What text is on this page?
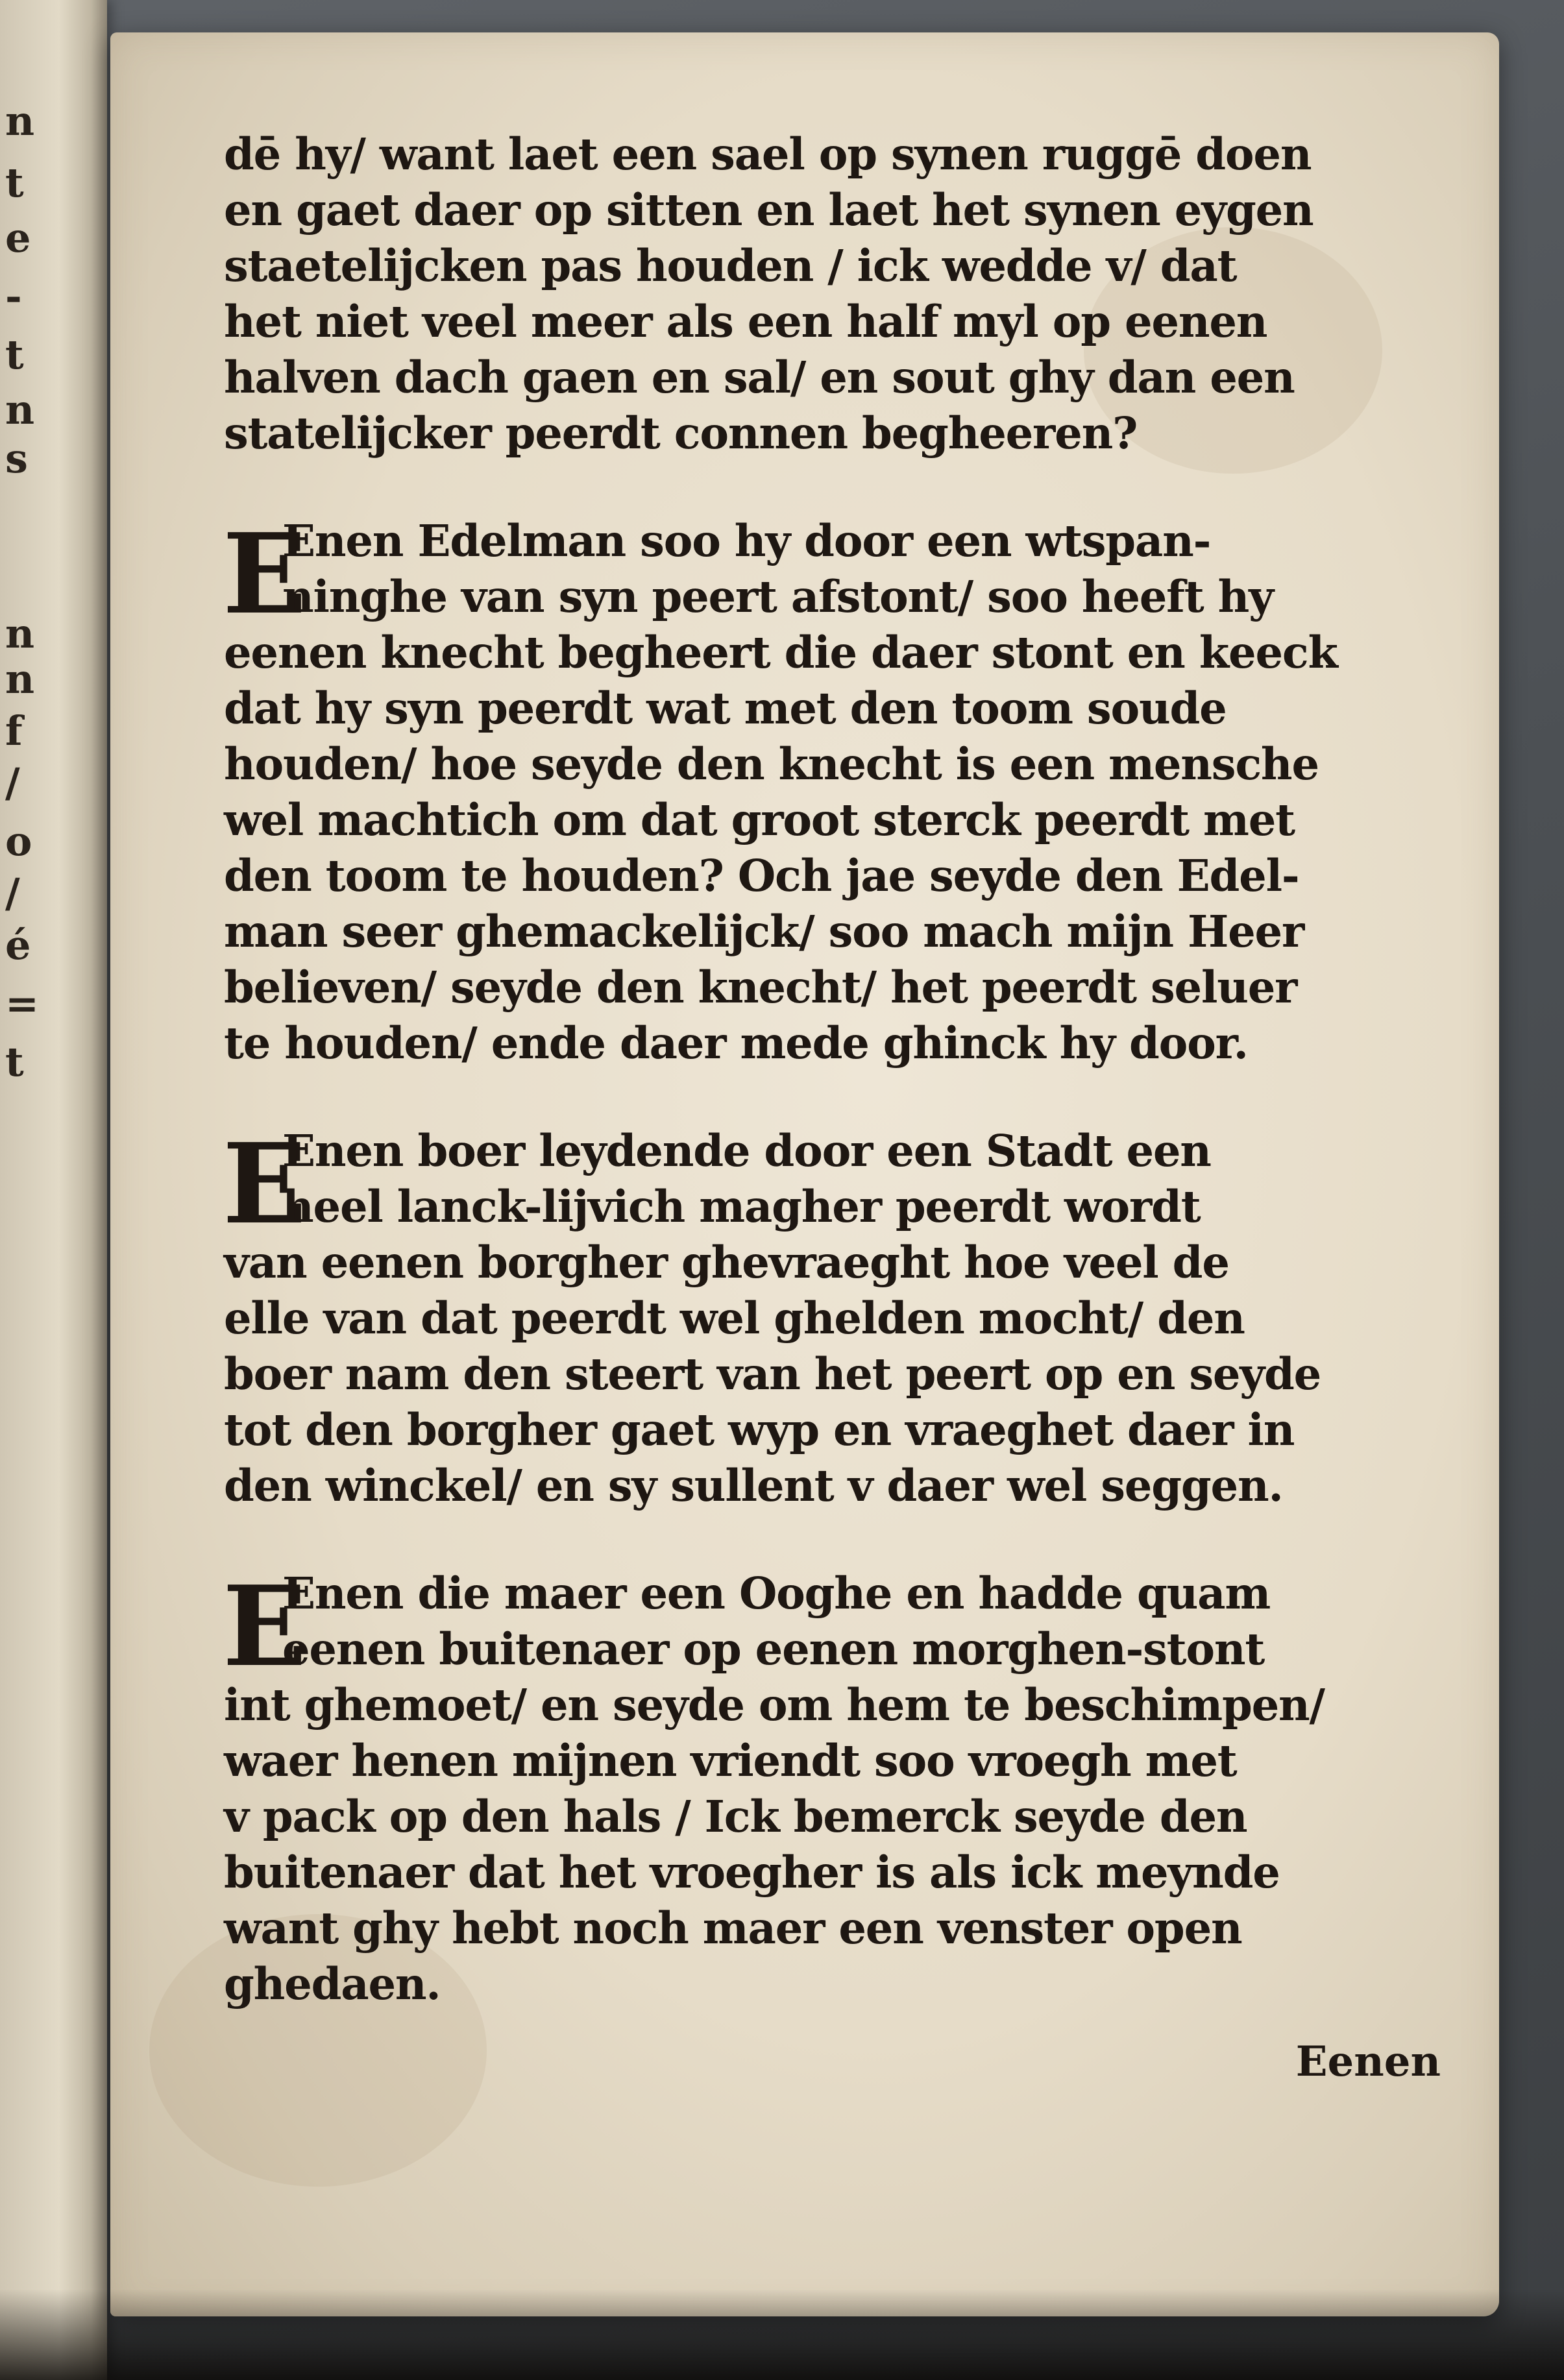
n
t
e
-
t
n
s
n
n
f
/
o
/
é
=
t
dē hy/ want laet een sael op synen ruggē doen
en gaet daer op sitten en laet het synen eygen
staetelijcken pas houden / ick wedde v/ dat
het niet veel meer als een half myl op eenen
halven dach gaen en sal/ en sout ghy dan een
statelijcker peerdt connen begheeren?
E
Enen Edelman soo hy door een wtspan-
ninghe van syn peert afstont/ soo heeft hy
eenen knecht begheert die daer stont en keeck
dat hy syn peerdt wat met den toom soude
houden/ hoe seyde den knecht is een mensche
wel machtich om dat groot sterck peerdt met
den toom te houden? Och jae seyde den Edel-
man seer ghemackelijck/ soo mach mijn Heer
believen/ seyde den knecht/ het peerdt seluer
te houden/ ende daer mede ghinck hy door.
E
Enen boer leydende door een Stadt een
heel lanck-lijvich magher peerdt wordt
van eenen borgher ghevraeght hoe veel de
elle van dat peerdt wel ghelden mocht/ den
boer nam den steert van het peert op en seyde
tot den borgher gaet wyp en vraeghet daer in
den winckel/ en sy sullent v daer wel seggen.
E
Enen die maer een Ooghe en hadde quam
eenen buitenaer op eenen morghen-stont
int ghemoet/ en seyde om hem te beschimpen/
waer henen mijnen vriendt soo vroegh met
v pack op den hals / Ick bemerck seyde den
buitenaer dat het vroegher is als ick meynde
want ghy hebt noch maer een venster open
ghedaen.
Eenen
